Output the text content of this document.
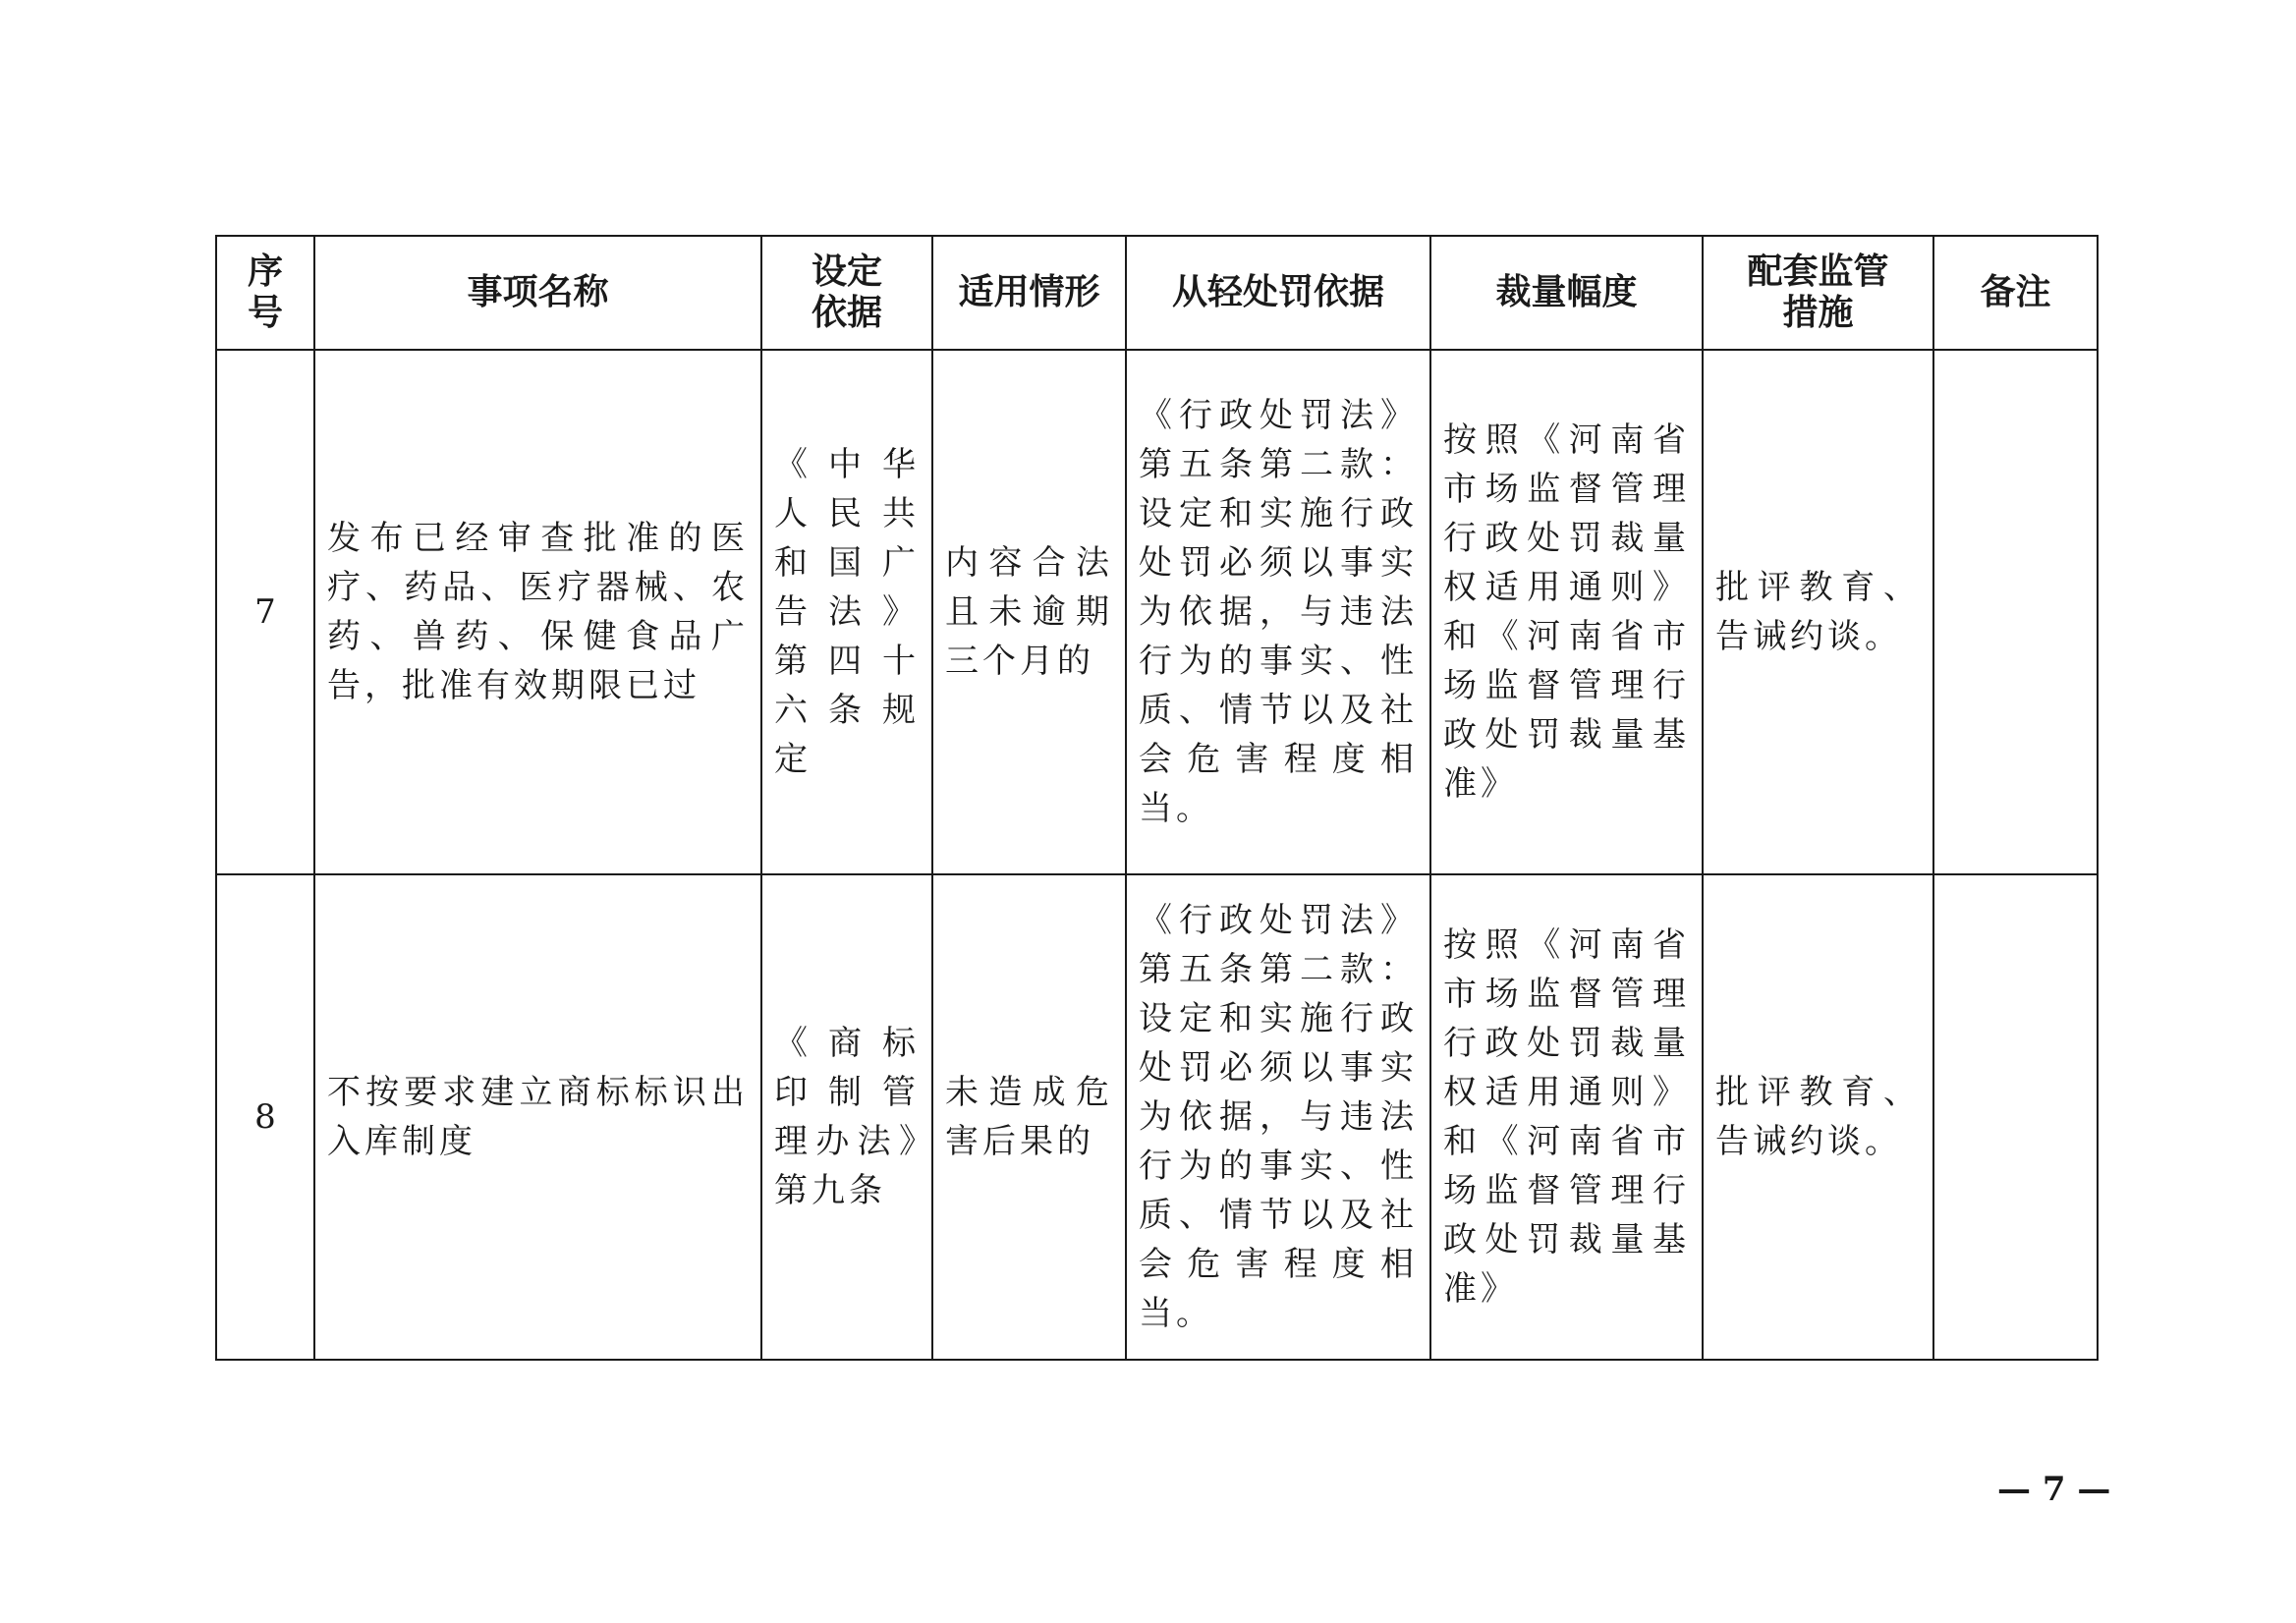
序号	事项名称	设定依据	适用情形	从轻处罚依据	裁量幅度	配套监管措施	备注
7	发布已经审查批准的医疗、药品、医疗器械、农药、兽药、保健食品广告，批准有效期限已过	《中华人民共和国广告法》第四十六条规定	内容合法且未逾期三个月的	《行政处罚法》第五条第二款：设定和实施行政处罚必须以事实为依据，与违法行为的事实、性质、情节以及社会危害程度相当。	按照《河南省市场监督管理行政处罚裁量权适用通则》和《河南省市场监督管理行政处罚裁量基准》	批评教育、告诫约谈。	
8	不按要求建立商标标识出入库制度	《商标印制管理办法》第九条	未造成危害后果的	《行政处罚法》第五条第二款：设定和实施行政处罚必须以事实为依据，与违法行为的事实、性质、情节以及社会危害程度相当。	按照《河南省市场监督管理行政处罚裁量权适用通则》和《河南省市场监督管理行政处罚裁量基准》	批评教育、告诫约谈。	
— 7 —
